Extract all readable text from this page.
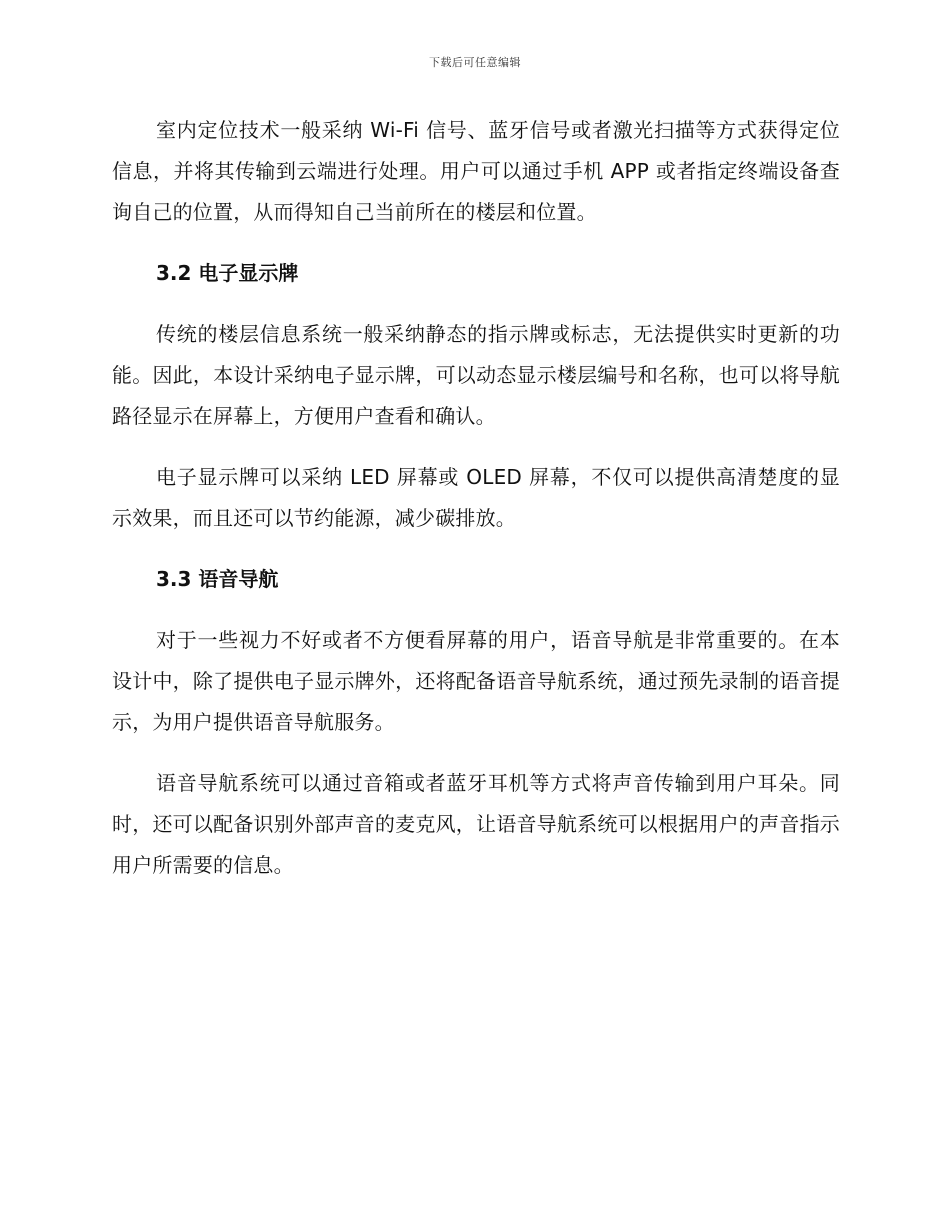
下载后可任意编辑

室内定位技术一般采纳 Wi-Fi 信号、蓝牙信号或者激光扫描等方式获得定位信息，并将其传输到云端进行处理。用户可以通过手机 APP 或者指定终端设备查询自己的位置，从而得知自己当前所在的楼层和位置。

3.2 电子显示牌

传统的楼层信息系统一般采纳静态的指示牌或标志，无法提供实时更新的功能。因此，本设计采纳电子显示牌，可以动态显示楼层编号和名称，也可以将导航路径显示在屏幕上，方便用户查看和确认。

电子显示牌可以采纳 LED 屏幕或 OLED 屏幕，不仅可以提供高清楚度的显示效果，而且还可以节约能源，减少碳排放。

3.3 语音导航

对于一些视力不好或者不方便看屏幕的用户，语音导航是非常重要的。在本设计中，除了提供电子显示牌外，还将配备语音导航系统，通过预先录制的语音提示，为用户提供语音导航服务。

语音导航系统可以通过音箱或者蓝牙耳机等方式将声音传输到用户耳朵。同时，还可以配备识别外部声音的麦克风，让语音导航系统可以根据用户的声音指示用户所需要的信息。
